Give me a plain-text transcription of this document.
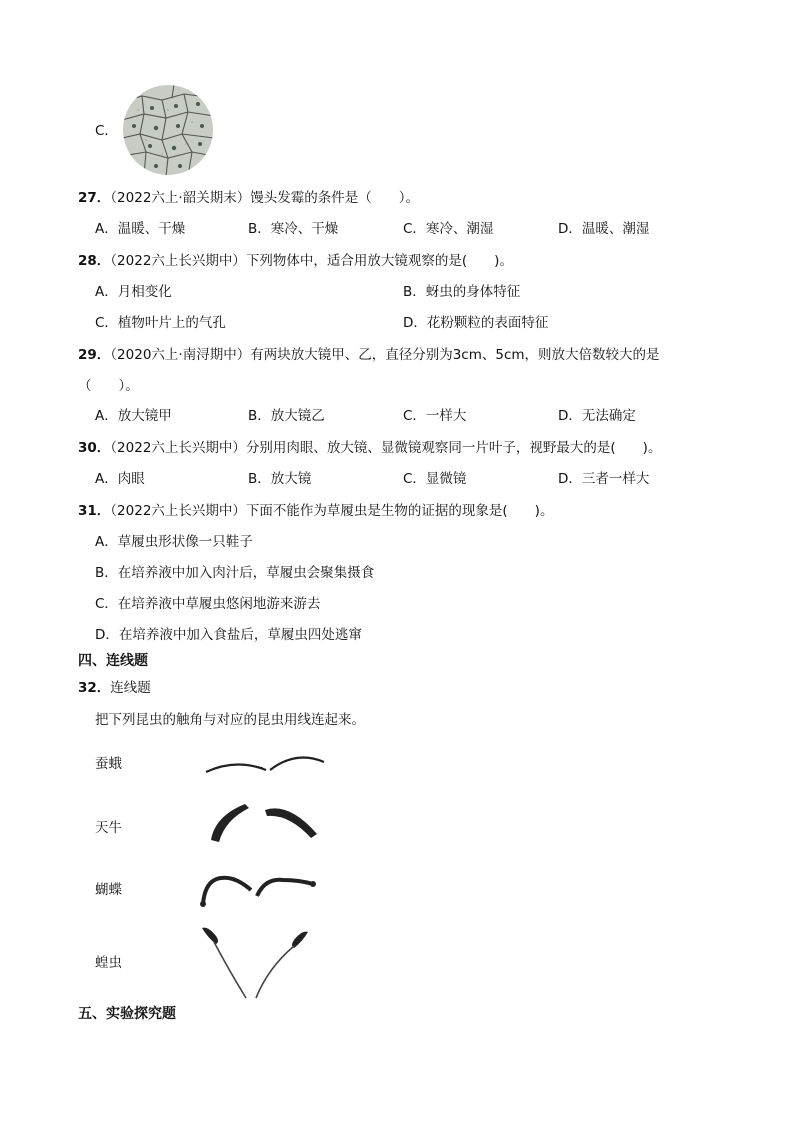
C．
27．（2022六上·韶关期末）馒头发霉的条件是（　　）。
A．温暖、干燥	B．寒冷、干燥	C．寒冷、潮湿	D．温暖、潮湿
28．（2022六上长兴期中）下列物体中，适合用放大镜观察的是(　　)。
A．月相变化	B．蚜虫的身体特征
C．植物叶片上的气孔	D．花粉颗粒的表面特征
29．（2020六上·南浔期中）有两块放大镜甲、乙，直径分别为3cm、5cm，则放大倍数较大的是
（　　）。
A．放大镜甲	B．放大镜乙	C．一样大	D．无法确定
30．（2022六上长兴期中）分别用肉眼、放大镜、显微镜观察同一片叶子，视野最大的是(　　)。
A．肉眼	B．放大镜	C．显微镜	D．三者一样大
31．（2022六上长兴期中）下面不能作为草履虫是生物的证据的现象是(　　)。
A．草履虫形状像一只鞋子
B．在培养液中加入肉汁后，草履虫会聚集摄食
C．在培养液中草履虫悠闲地游来游去
D．在培养液中加入食盐后，草履虫四处逃窜
四、连线题
32．连线题
把下列昆虫的触角与对应的昆虫用线连起来。
蚕蛾
天牛
蝴蝶
蝗虫
五、实验探究题
